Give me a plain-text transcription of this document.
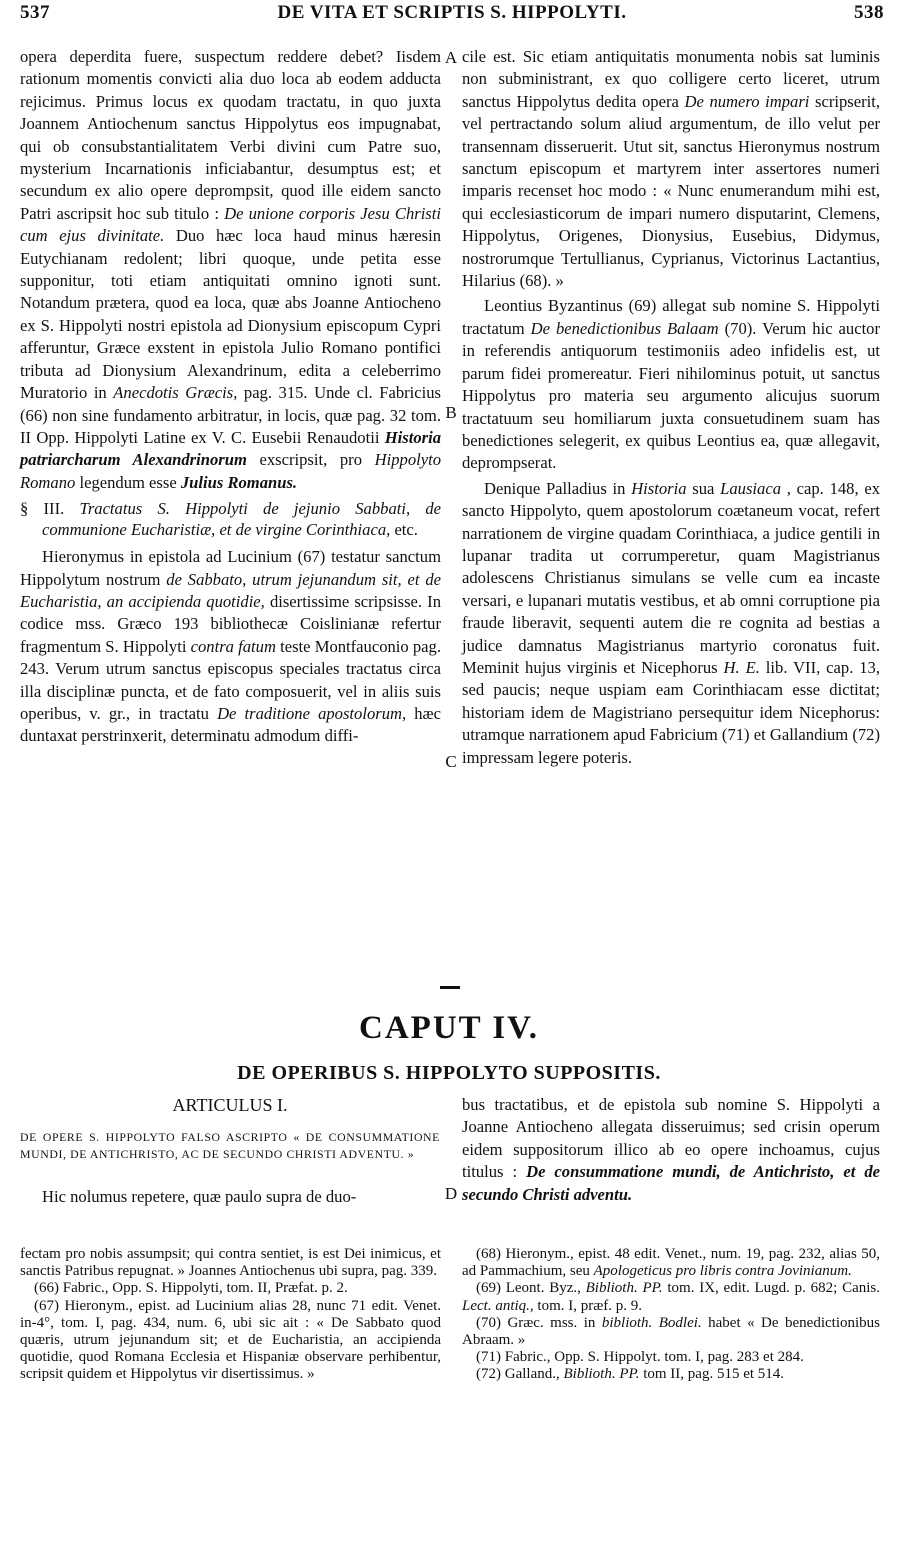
537	DE VITA ET SCRIPTIS S. HIPPOLYTI.	538

opera deperdita fuere, suspectum reddere debet? Iisdem rationum momentis convicti alia duo loca ab eodem adducta rejicimus. Primus locus ex quodam tractatu, in quo juxta Joannem Antiochenum sanctus Hippolytus eos impugnabat, qui ob consubstantialitatem Verbi divini cum Patre suo, mysterium Incarnationis inficiabantur, desumptus est; et secundum ex alio opere deprompsit, quod ille eidem sancto Patri ascripsit hoc sub titulo : De unione corporis Jesu Christi cum ejus divinitate. Duo hæc loca haud minus hæresin Eutychianam redolent; libri quoque, unde petita esse supponitur, toti etiam antiquitati omnino ignoti sunt. Notandum prætera, quod ea loca, quæ abs Joanne Antiocheno ex S. Hippolyti nostri epistola ad Dionysium episcopum Cypri afferuntur, Græce exstent in epistola Julio Romano pontifici tributa ad Dionysium Alexandrinum, edita a celeberrimo Muratorio in Anecdotis Græcis, pag. 315. Unde cl. Fabricius (66) non sine fundamento arbitratur, in locis, quæ pag. 32 tom. II Opp. Hippolyti Latine ex V. C. Eusebii Renaudotii Historia patriarcharum Alexandrinorum exscripsit, pro Hippolyto Romano legendum esse Julius Romanus.

§ III. Tractatus S. Hippolyti de jejunio Sabbati, de communione Eucharistiæ, et de virgine Corinthiaca, etc.

Hieronymus in epistola ad Lucinium (67) testatur sanctum Hippolytum nostrum de Sabbato, utrum jejunandum sit, et de Eucharistia, an accipienda quotidie, disertissime scripsisse. In codice mss. Græco 193 bibliothecæ Coislinianæ refertur fragmentum S. Hippolyti contra fatum teste Montfauconio pag. 243. Verum utrum sanctus episcopus speciales tractatus circa illa disciplinæ puncta, et de fato composuerit, vel in aliis suis operibus, v. gr., in tractatu De traditione apostolorum, hæc duntaxat perstrinxerit, determinatu admodum diffi-

A
B
C
D

cile est. Sic etiam antiquitatis monumenta nobis sat luminis non subministrant, ex quo colligere certo liceret, utrum sanctus Hippolytus dedita opera De numero impari scripserit, vel pertractando solum aliud argumentum, de illo velut per transennam disseruerit. Utut sit, sanctus Hieronymus nostrum sanctum episcopum et martyrem inter assertores numeri imparis recenset hoc modo : « Nunc enumerandum mihi est, qui ecclesiasticorum de impari numero disputarint, Clemens, Hippolytus, Origenes, Dionysius, Eusebius, Didymus, nostrorumque Tertullianus, Cyprianus, Victorinus Lactantius, Hilarius (68). »

Leontius Byzantinus (69) allegat sub nomine S. Hippolyti tractatum De benedictionibus Balaam (70). Verum hic auctor in referendis antiquorum testimoniis adeo infidelis est, ut parum fidei promereatur. Fieri nihilominus potuit, ut sanctus Hippolytus pro materia seu argumento alicujus suorum tractatuum seu homiliarum juxta consuetudinem suam has benedictiones selegerit, ex quibus Leontius ea, quæ allegavit, deprompserat.

Denique Palladius in Historia sua Lausiaca , cap. 148, ex sancto Hippolyto, quem apostolorum coætaneum vocat, refert narrationem de virgine quadam Corinthiaca, a judice gentili in lupanar tradita ut corrumperetur, quam Magistrianus adolescens Christianus simulans se velle cum ea incaste versari, e lupanari mutatis vestibus, et ab omni corruptione pia fraude liberavit, sequenti autem die re cognita ad bestias a judice damnatus Magistrianus martyrio coronatus fuit. Meminit hujus virginis et Nicephorus H. E. lib. VII, cap. 13, sed paucis; neque uspiam eam Corinthiacam esse dictitat; historiam idem de Magistriano persequitur idem Nicephorus: utramque narrationem apud Fabricium (71) et Gallandium (72) impressam legere poteris.

CAPUT IV.
DE OPERIBUS S. HIPPOLYTO SUPPOSITIS.
ARTICULUS I.
DE OPERE S. HIPPOLYTO FALSO ASCRIPTO « DE CONSUMMATIONE MUNDI, DE ANTICHRISTO, AC DE SECUNDO CHRISTI ADVENTU. »

Hic nolumus repetere, quæ paulo supra de duo-

bus tractatibus, et de epistola sub nomine S. Hippolyti a Joanne Antiocheno allegata disseruimus; sed crisin operum eidem suppositorum illico ab eo opere inchoamus, cujus titulus : De consummatione mundi, de Antichristo, et de secundo Christi adventu.

fectam pro nobis assumpsit; qui contra sentiet, is est Dei inimicus, et sanctis Patribus repugnat. » Joannes Antiochenus ubi supra, pag. 339.

(66) Fabric., Opp. S. Hippolyti, tom. II, Præfat. p. 2.

(67) Hieronym., epist. ad Lucinium alias 28, nunc 71 edit. Venet. in-4°, tom. I, pag. 434, num. 6, ubi sic ait : « De Sabbato quod quæris, utrum jejunandum sit; et de Eucharistia, an accipienda quotidie, quod Romana Ecclesia et Hispaniæ observare perhibentur, scripsit quidem et Hippolytus vir disertissimus. »

(68) Hieronym., epist. 48 edit. Venet., num. 19, pag. 232, alias 50, ad Pammachium, seu Apologeticus pro libris contra Jovinianum.

(69) Leont. Byz., Biblioth. PP. tom. IX, edit. Lugd. p. 682; Canis. Lect. antiq., tom. I, præf. p. 9.

(70) Græc. mss. in biblioth. Bodlei. habet « De benedictionibus Abraam. »

(71) Fabric., Opp. S. Hippolyt. tom. I, pag. 283 et 284.

(72) Galland., Biblioth. PP. tom II, pag. 515 et 514.
